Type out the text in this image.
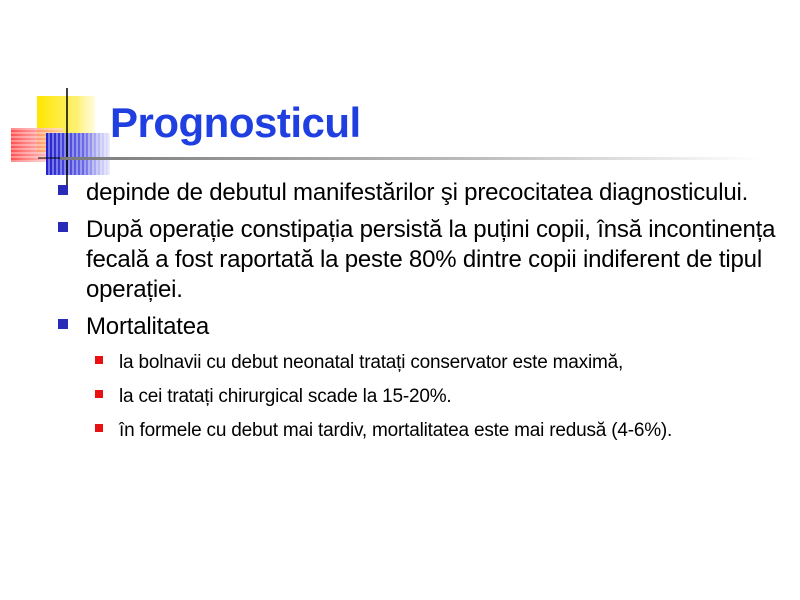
Prognosticul
depinde de debutul manifestărilor şi precocitatea diagnosticului.
După operație constipația persistă la puțini copii, însă incontinența fecală a fost raportată la peste 80% dintre copii indiferent de tipul operației.
Mortalitatea
la bolnavii cu debut neonatal tratați conservator este maximă,
la cei tratați chirurgical scade la 15-20%.
în formele cu debut mai tardiv, mortalitatea este mai redusă (4-6%).
